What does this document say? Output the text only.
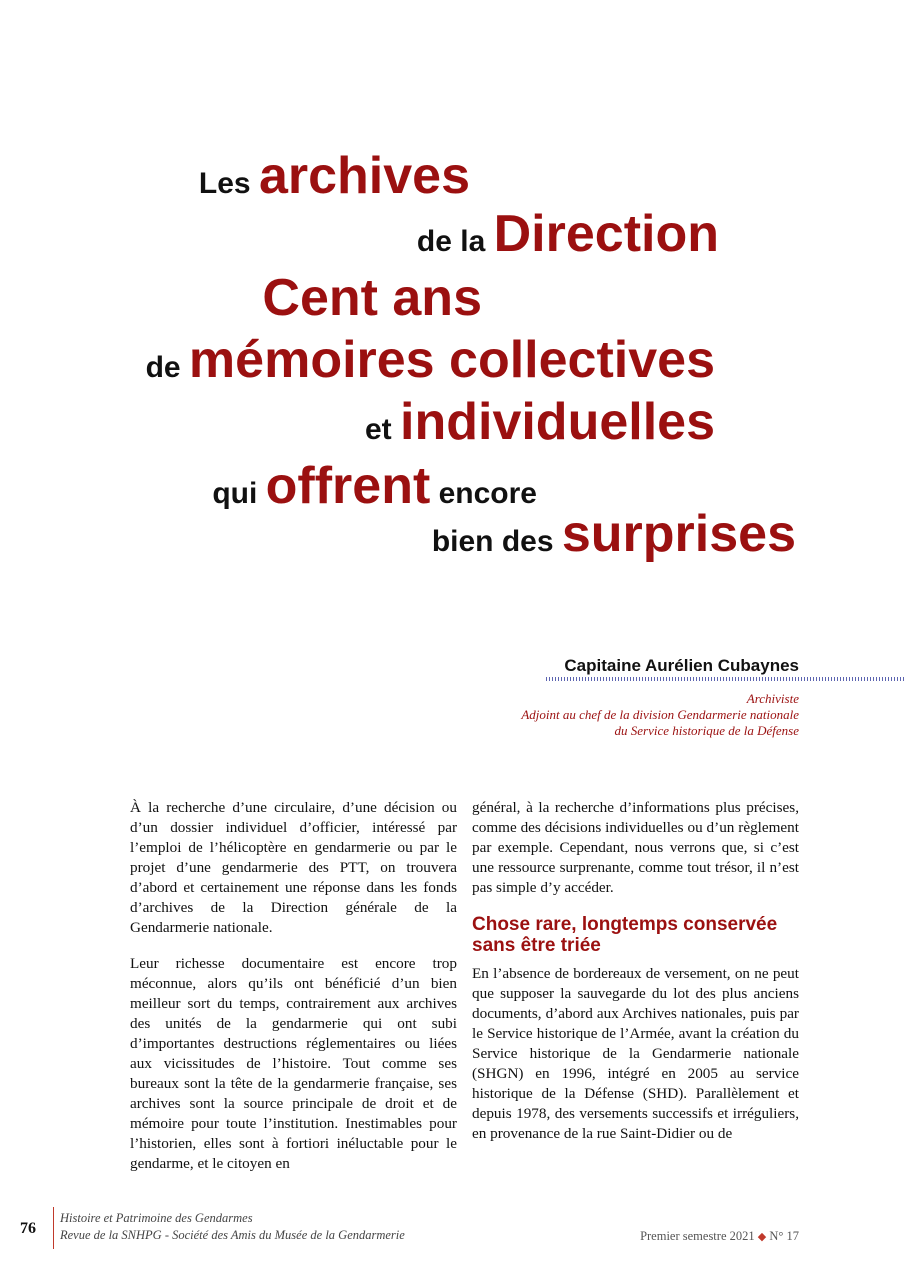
Les archives
de la Direction
Cent ans
de mémoires collectives
et individuelles
qui offrent encore
bien des surprises
Capitaine Aurélien Cubaynes
Archiviste
Adjoint au chef de la division Gendarmerie nationale
du Service historique de la Défense

À la recherche d’une circulaire, d’une décision ou d’un dossier individuel d’officier, intéressé par l’emploi de l’hélicoptère en gendarmerie ou par le projet d’une gendarmerie des PTT, on trouvera d’abord et certainement une réponse dans les fonds d’archives de la Direction générale de la Gendarmerie nationale.

Leur richesse documentaire est encore trop méconnue, alors qu’ils ont bénéficié d’un bien meilleur sort du temps, contrairement aux archives des unités de la gendarmerie qui ont subi d’importantes destructions réglementaires ou liées aux vicissitudes de l’histoire. Tout comme ses bureaux sont la tête de la gendarmerie française, ses archives sont la source principale de droit et de mémoire pour toute l’institution. Inestimables pour l’historien, elles sont à fortiori inéluctable pour le gendarme, et le citoyen en

général, à la recherche d’informations plus précises, comme des décisions individuelles ou d’un règlement par exemple. Cependant, nous verrons que, si c’est une ressource surprenante, comme tout trésor, il n’est pas simple d’y accéder.

Chose rare, longtemps conservée sans être triée

En l’absence de bordereaux de versement, on ne peut que supposer la sauvegarde du lot des plus anciens documents, d’abord aux Archives nationales, puis par le Service historique de l’Armée, avant la création du Service historique de la Gendarmerie nationale (SHGN) en 1996, intégré en 2005 au service historique de la Défense (SHD). Parallèlement et depuis 1978, des versements successifs et irréguliers, en provenance de la rue Saint-Didier ou de

76
Histoire et Patrimoine des Gendarmes
Revue de la SNHPG - Société des Amis du Musée de la Gendarmerie	Premier semestre 2021 ◆ N° 17
